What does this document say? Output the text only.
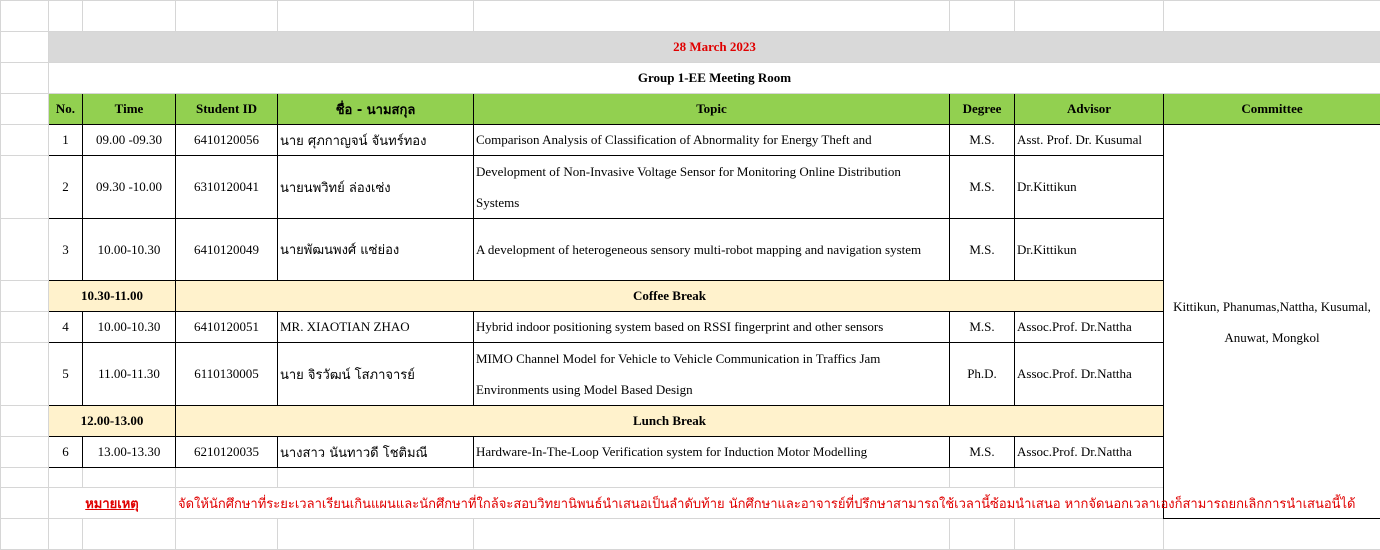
	28 March 2023							
	Group 1-EE Meeting Room							
	No.	Time	Student ID	ชื่อ - นามสกุล	Topic	Degree	Advisor	Committee
	1	09.00 -09.30	6410120056	นาย ศุภกาญจน์ จันทร์ทอง	Comparison Analysis of Classification of Abnormality for Energy Theft and	M.S.	Asst. Prof. Dr. Kusumal	Kittikun, Phanumas,Nattha, Kusumal, Anuwat, Mongkol
	2	09.30 -10.00	6310120041	นายนพวิทย์ ล่องเซ่ง	Development of Non-Invasive Voltage Sensor for Monitoring Online Distribution Systems	M.S.	Dr.Kittikun	
	3	10.00-10.30	6410120049	นายพัฒนพงศ์ แซ่ย่อง	A development of heterogeneous sensory multi-robot mapping and navigation system	M.S.	Dr.Kittikun	
	10.30-11.00		Coffee Break					
	4	10.00-10.30	6410120051	MR. XIAOTIAN ZHAO	Hybrid indoor positioning system based on RSSI fingerprint and other sensors	M.S.	Assoc.Prof. Dr.Nattha	
	5	11.00-11.30	6110130005	นาย จิรวัฒน์ โสภาจารย์	MIMO Channel Model for Vehicle to Vehicle Communication in Traffics Jam Environments using Model Based Design	Ph.D.	Assoc.Prof. Dr.Nattha	
	12.00-13.00		Lunch Break					
	6	13.00-13.30	6210120035	นางสาว นันทาวดี โชติมณี	Hardware-In-The-Loop Verification system for Induction Motor Modelling	M.S.	Assoc.Prof. Dr.Nattha	

	หมายเหตุ		จัดให้นักศึกษาที่ระยะเวลาเรียนเกินแผนและนักศึกษาที่ใกล้จะสอบวิทยานิพนธ์นำเสนอเป็นลำดับท้าย นักศึกษาและอาจารย์ที่ปรึกษาสามารถใช้เวลานี้ซ้อมนำเสนอ หากจัดนอกเวลาเองก็สามารถยกเลิกการนำเสนอนี้ได้					
